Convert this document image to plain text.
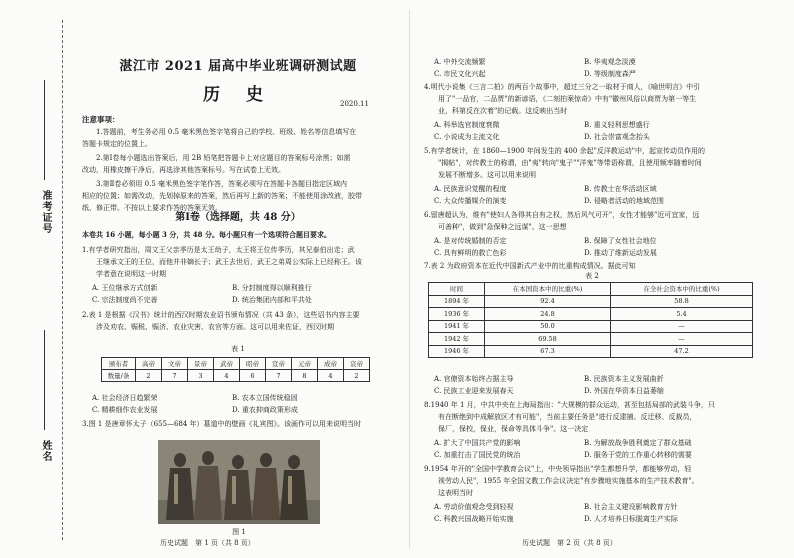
准考证号
姓名
湛江市 2021 届高中毕业班调研测试题
历 史	2020.11
注意事项：
1.答题前，考生务必用 0.5 毫米黑色签字笔将自己的学校、班级、姓名等信息填写在
答题卡规定的位置上。
2.第Ⅰ卷每小题选出答案后，用 2B 铅笔把答题卡上对应题目的答案标号涂黑；如需
改动，用橡皮擦干净后，再选涂其他答案标号。写在试卷上无效。
3.第Ⅱ卷必须用 0.5 毫米黑色签字笔作答，答案必须写在答题卡各题目指定区域内
相应的位置；如需改动，先划掉原来的答案，然后再写上新的答案；不能使用涂改液，胶带
纸、修正带。不按以上要求作答的答案无效。
第Ⅰ卷（选择题，共 48 分）
本卷共 16 小题，每小题 3 分，共 48 分。每小题只有一个选项符合题目要求。
1.有学者研究指出，周文王父亲季历是太王幼子，太王将王位传季历，其兄泰伯出走；武
王继承文王的王位，而他并非嫡长子；武王去世后，武王之弟周公实际上已经称王。该
学者意在说明这一时期
A. 王位继承方式创新	B. 分封制度得以顺利推行
C. 宗法制度尚不完善	D. 统治集团内部和平共处
2.表 1 是根据《汉书》统计的西汉时期农业诏书颁布情况（共 43 条），这些诏书内容主要
涉及劝农、赈税、赈济、农业灾害、农官等方面。这可以用来佐证，西汉时期
表 1
颁布者	高帝	文帝	景帝	武帝	昭帝	宣帝	元帝	成帝	哀帝
数量/条	2	7	3	4	6	7	8	4	2
A. 社会经济日趋繁荣	B. 农本立国传统稳固
C. 精耕细作农业发展	D. 重农抑商政策形成
3.图 1 是唐章怀太子（655—684 年）墓道中的壁画《礼宾图》。该画作可以用来说明当时
图 1
历史试题　第 1 页（共 8 页）
A. 中外交流频繁	B. 华夷观念淡漠
C. 市民文化兴起	D. 等级制度森严
4.明代小说集《三言二拍》的两百个故事中，超过三分之一取材于商人，《喻世明言》中引
用了"一品官，二品贾"的新谚语，《二刻拍案惊奇》中有"徽州风俗以商贾为第一等生
业，科第反在次着"的记载。这反映出当时
A. 科举选官制度衰微	B. 重义轻利思想盛行
C. 小说成为主流文化	D. 社会崇富观念抬头
5.有学者统计，在 1860—1900 年间发生的 400 余起"反洋教运动"中，起宣传动员作用的
"揭帖"，对传教士的称谓，由"夷"转向"鬼子""洋鬼"等带语称谓，且使用频率随着时间
发展不断增多。这可以用来说明
A. 民族意识觉醒的程度	B. 传教士在华活动区域
C. 大众传播媒介的演变	D. 侵略者活动的地域范围
6.留唐超认为，维有"使妇人各得其自有之权，然后风气可开"，女性才能够"近可宜家，远
可善种"，做到"急保种之远谋"。这一思想
A. 是对传统婚制的否定	B. 保障了女性社会地位
C. 具有鲜明的救亡色彩	D. 推动了维新运动发展
7.表 2 为政府资本在近代中国新式产业中的比重构成情况。据此可知
表 2
时间	在本国资本中的比重(%)	在全社会资本中的比重(%)
1894 年	92.4	58.8
1936 年	24.8	5.4
1941 年	50.0	—
1942 年	69.58	—
1946 年	67.3	47.2
A. 官僚资本始终占据主导	B. 民族资本主义发展曲折
C. 民族工业迎来发展春天	D. 外国在华资本日益萎缩
8.1940 年 1 月，中共中央在上海局指出："大规模的群众运动，甚至包括局部的武装斗争，只
有在断绝到中成解放区才有可能"，当前主要任务是"进行反逮捕、反迁移、反裁员，
保厂，保校，保业，保命等具体斗争"。这一决定
A. 扩大了中国共产党的影响	B. 为解放战争胜利奠定了群众基础
C. 加重打击了国民党的统治	D. 服务于党的工作重心转移的需要
9.1954 年开的"全国中学教育会议"上，中央领导指出"学生都想升学，都能够劳动，轻
视劳动人民"，1955 年全国文教工作会议决定"有步骤地实施基本的生产技术教育"。
这表明当时
A. 劳动价值观念受到轻视	B. 社会主义建设影响教育方针
C. 科教兴国战略开始实施	D. 人才培养日标脱离生产实际
历史试题　第 2 页（共 8 页）
